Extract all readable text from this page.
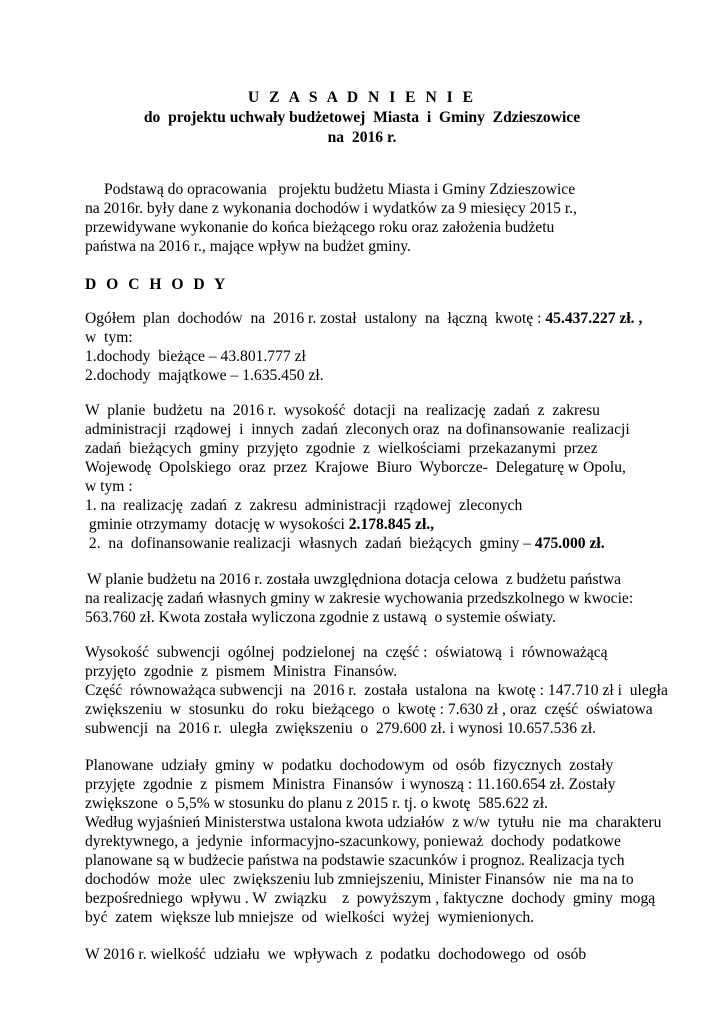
U Z A S A D N I E N I E
do  projektu uchwały budżetowej  Miasta  i  Gminy  Zdzieszowice
na  2016 r.
Podstawą do opracowania   projektu budżetu Miasta i Gminy Zdzieszowice
na 2016r. były dane z wykonania dochodów i wydatków za 9 miesięcy 2015 r.,
przewidywane wykonanie do końca bieżącego roku oraz założenia budżetu
państwa na 2016 r., mające wpływ na budżet gminy.
D O C H O D Y
Ogółem  plan  dochodów  na  2016 r. został  ustalony  na  łączną  kwotę : 45.437.227 zł. ,
w  tym:
1.dochody  bieżące – 43.801.777 zł
2.dochody  majątkowe – 1.635.450 zł.
W  planie  budżetu  na  2016 r.  wysokość  dotacji  na  realizację  zadań  z  zakresu
administracji  rządowej  i  innych  zadań  zleconych oraz  na dofinansowanie  realizacji
zadań  bieżących  gminy  przyjęto  zgodnie  z  wielkościami  przekazanymi  przez
Wojewodę  Opolskiego  oraz  przez  Krajowe  Biuro  Wyborcze-  Delegaturę w Opolu,
w tym :
1. na  realizację  zadań  z  zakresu  administracji  rządowej  zleconych
gminie otrzymamy  dotację w wysokości 2.178.845 zł.,
2.  na  dofinansowanie realizacji  własnych  zadań  bieżących  gminy – 475.000 zł.
W planie budżetu na 2016 r. została uwzględniona dotacja celowa  z budżetu państwa
na realizację zadań własnych gminy w zakresie wychowania przedszkolnego w kwocie:
563.760 zł. Kwota została wyliczona zgodnie z ustawą  o systemie oświaty.
Wysokość  subwencji  ogólnej  podzielonej  na  część :  oświatową  i  równoważącą
przyjęto  zgodnie  z  pismem  Ministra  Finansów.
Część  równoważąca subwencji  na  2016 r.  została  ustalona  na  kwotę : 147.710 zł i  uległa
zwiększeniu  w  stosunku  do  roku  bieżącego  o  kwotę : 7.630 zł , oraz  część  oświatowa
subwencji  na  2016 r.  uległa  zwiększeniu  o  279.600 zł. i wynosi 10.657.536 zł.
Planowane  udziały  gminy  w  podatku  dochodowym  od  osób  fizycznych  zostały
przyjęte  zgodnie  z  pismem  Ministra  Finansów  i wynoszą : 11.160.654 zł. Zostały
zwiększone  o 5,5% w stosunku do planu z 2015 r. tj. o kwotę  585.622 zł.
Według wyjaśnień Ministerstwa ustalona kwota udziałów  z w/w  tytułu  nie  ma  charakteru
dyrektywnego, a  jedynie  informacyjno-szacunkowy, ponieważ  dochody  podatkowe
planowane są w budżecie państwa na podstawie szacunków i prognoz. Realizacja tych
dochodów  może  ulec  zwiększeniu lub zmniejszeniu, Minister Finansów  nie  ma na to
bezpośredniego  wpływu . W  związku    z  powyższym , faktyczne  dochody  gminy  mogą
być  zatem  większe lub mniejsze  od  wielkości  wyżej  wymienionych.
W 2016 r. wielkość  udziału  we  wpływach  z  podatku  dochodowego  od  osób
